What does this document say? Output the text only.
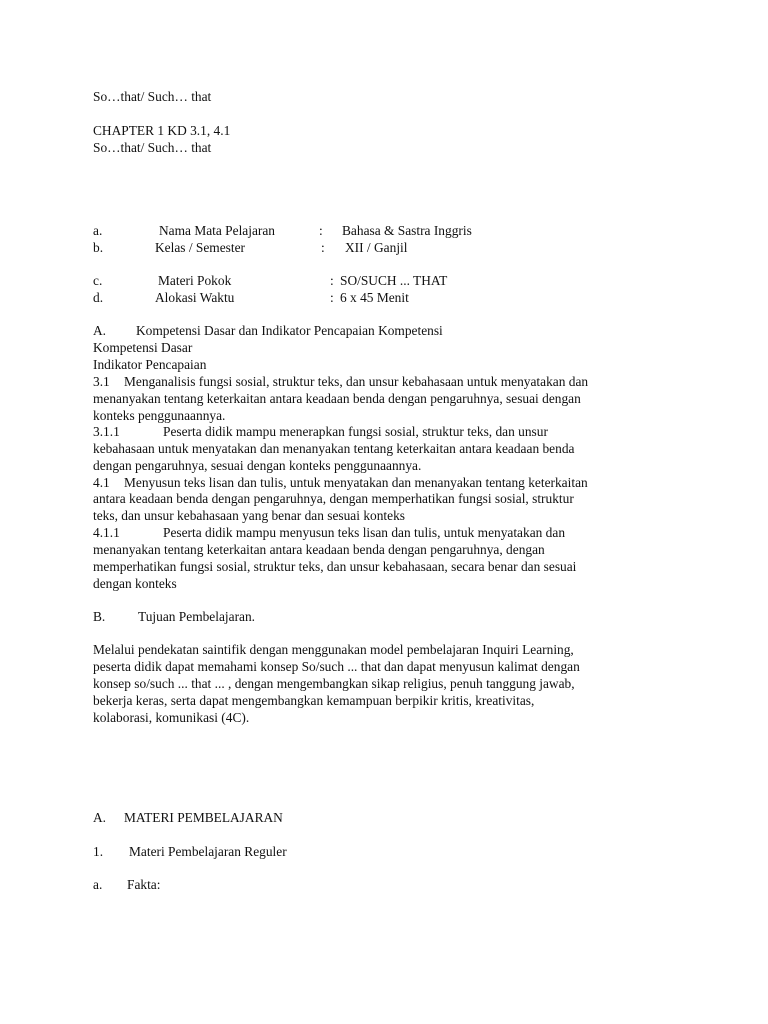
So…that/ Such… that
CHAPTER 1 KD 3.1, 4.1
So…that/ Such… that
a.	Nama Mata Pelajaran	: Bahasa & Sastra Inggris
b.	Kelas / Semester	: XII / Ganjil
c.	Materi Pokok	: SO/SUCH ... THAT
d.	Alokasi Waktu	: 6 x 45 Menit
A. Kompetensi Dasar dan Indikator Pencapaian Kompetensi
Kompetensi Dasar
Indikator Pencapaian
3.1 Menganalisis fungsi sosial, struktur teks, dan unsur kebahasaan untuk menyatakan dan
menanyakan tentang keterkaitan antara keadaan benda dengan pengaruhnya, sesuai dengan
konteks penggunaannya.
3.1.1	Peserta didik mampu menerapkan fungsi sosial, struktur teks, dan unsur
kebahasaan untuk menyatakan dan menanyakan tentang keterkaitan antara keadaan benda
dengan pengaruhnya, sesuai dengan konteks penggunaannya.
4.1 Menyusun teks lisan dan tulis, untuk menyatakan dan menanyakan tentang keterkaitan
antara keadaan benda dengan pengaruhnya, dengan memperhatikan fungsi sosial, struktur
teks, dan unsur kebahasaan yang benar dan sesuai konteks
4.1.1	Peserta didik mampu menyusun teks lisan dan tulis, untuk menyatakan dan
menanyakan tentang keterkaitan antara keadaan benda dengan pengaruhnya, dengan
memperhatikan fungsi sosial, struktur teks, dan unsur kebahasaan, secara benar dan sesuai
dengan konteks
B. Tujuan Pembelajaran.
Melalui pendekatan saintifik dengan menggunakan model pembelajaran Inquiri Learning,
peserta didik dapat memahami konsep So/such ... that dan dapat menyusun kalimat dengan
konsep so/such ... that ... , dengan mengembangkan sikap religius, penuh tanggung jawab,
bekerja keras, serta dapat mengembangkan kemampuan berpikir kritis, kreativitas,
kolaborasi, komunikasi (4C).
A. MATERI PEMBELAJARAN
1. Materi Pembelajaran Reguler
a. Fakta:
